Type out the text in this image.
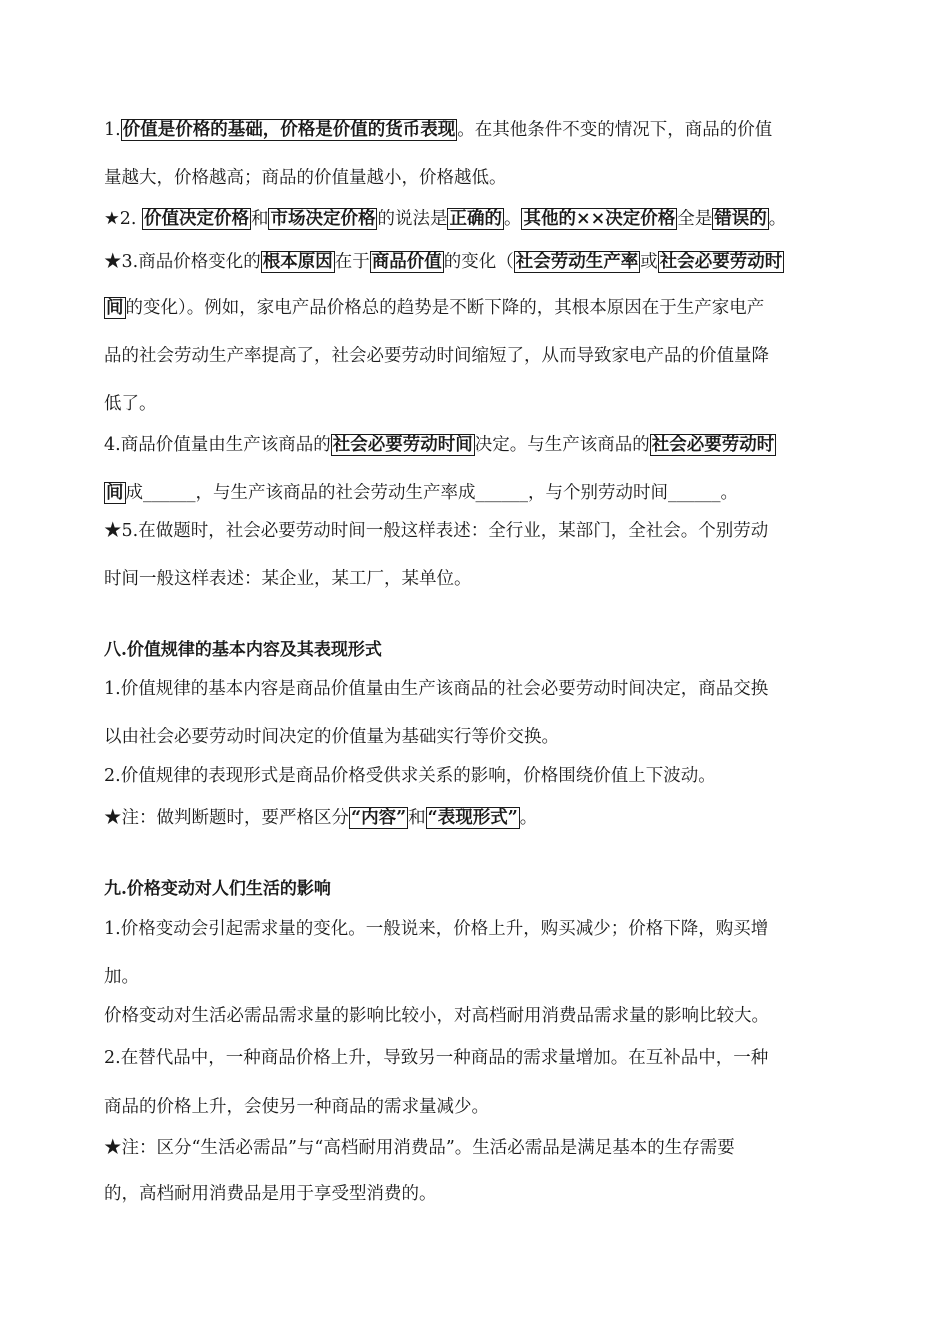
1. 价值是价格的基础，价格是价值的货币表现 。在其他条件不变的情况下，商品的价值
量越大，价格越高；商品的价值量越小，价格越低。
★2. 价值决定价格 和 市场决定价格 的说法是 正确的 。 其他的××决定价格 全是 错误的 。
★3.商品价格变化的 根本原因 在于 商品价值 的变化（ 社会劳动生产率 或 社会必要劳动时
间 的变化）。例如，家电产品价格总的趋势是不断下降的，其根本原因在于生产家电产
品的社会劳动生产率提高了，社会必要劳动时间缩短了，从而导致家电产品的价值量降
低了。
4.商品价值量由生产该商品的 社会必要劳动时间 决定。与生产该商品的 社会必要劳动时
间 成______，与生产该商品的社会劳动生产率成______，与个别劳动时间______。
★5.在做题时，社会必要劳动时间一般这样表述：全行业，某部门，全社会。个别劳动
时间一般这样表述：某企业，某工厂，某单位。
八.价值规律的基本内容及其表现形式
1.价值规律的基本内容是商品价值量由生产该商品的社会必要劳动时间决定，商品交换
以由社会必要劳动时间决定的价值量为基础实行等价交换。
2.价值规律的表现形式是商品价格受供求关系的影响，价格围绕价值上下波动。
★注：做判断题时，要严格区分 “内容” 和 “表现形式” 。
九.价格变动对人们生活的影响
1.价格变动会引起需求量的变化。一般说来，价格上升，购买减少；价格下降，购买增
加。
价格变动对生活必需品需求量的影响比较小，对高档耐用消费品需求量的影响比较大。
2.在替代品中，一种商品价格上升，导致另一种商品的需求量增加。在互补品中，一种
商品的价格上升，会使另一种商品的需求量减少。
★注：区分“生活必需品”与“高档耐用消费品”。生活必需品是满足基本的生存需要
的，高档耐用消费品是用于享受型消费的。
